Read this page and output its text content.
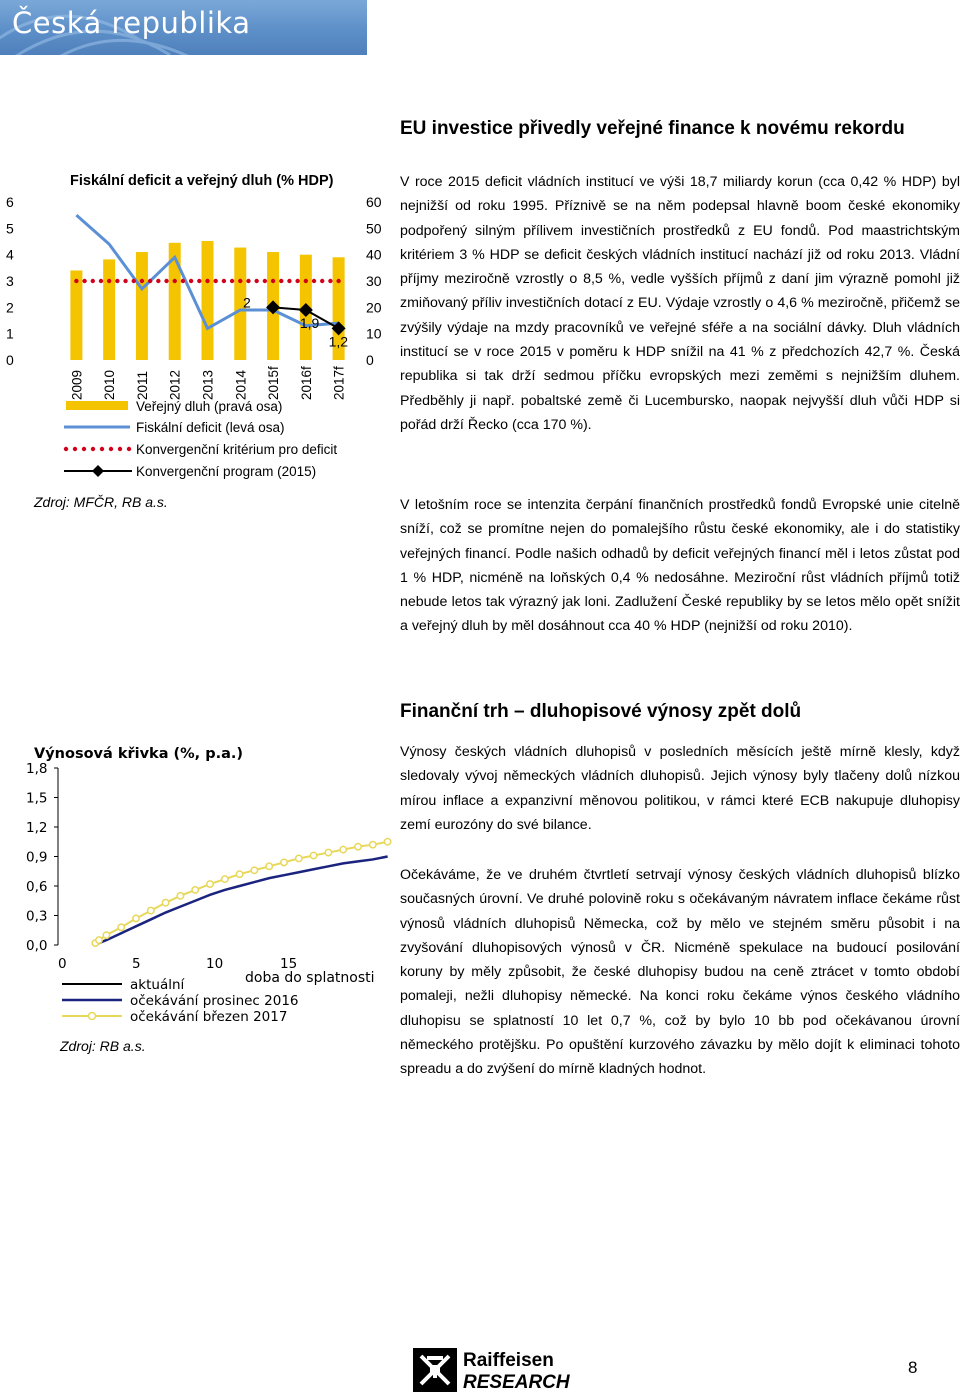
Česká republika
EU investice přivedly veřejné finance k novému rekordu
Finanční trh – dluhopisové výnosy zpět dolů
V roce 2015 deficit vládních institucí ve výši 18,7 miliardy korun (cca 0,42 % HDP) byl nejnižší od roku 1995. Příznivě se na něm podepsal hlavně boom české ekonomiky podpořený silným přílivem investičních prostředků z EU fondů. Pod maastrichtským kritériem 3 % HDP se deficit českých vládních institucí nachází již od roku 2013. Vládní příjmy meziročně vzrostly o 8,5 %, vedle vyšších příjmů z daní jim výrazně pomohl již zmiňovaný příliv investičních dotací z EU. Výdaje vzrostly o 4,6 % meziročně, přičemž se zvýšily výdaje na mzdy pracovníků ve veřejné sféře a na sociální dávky. Dluh vládních institucí se v roce 2015 v poměru k HDP snížil na 41 % z předchozích 42,7 %. Česká republika si tak drží sedmou příčku evropských mezi zeměmi s nejnižším dluhem. Předběhly ji např. pobaltské země či Lucembursko, naopak nejvyšší dluh vůči HDP si pořád drží Řecko (cca 170 %).
V letošním roce se intenzita čerpání finančních prostředků fondů Evropské unie citelně sníží, což se promítne nejen do pomalejšího růstu české ekonomiky, ale i do statistiky veřejných financí. Podle našich odhadů by deficit veřejných financí měl i letos zůstat pod 1 % HDP, nicméně na loňských 0,4 % nedosáhne. Meziroční růst vládních příjmů totiž nebude letos tak výrazný jak loni. Zadlužení České republiky by se letos mělo opět snížit a veřejný dluh by měl dosáhnout cca 40 % HDP (nejnižší od roku 2010).
Výnosy českých vládních dluhopisů v posledních měsících ještě mírně klesly, když sledovaly vývoj německých vládních dluhopisů. Jejich výnosy byly tlačeny dolů nízkou mírou inflace a expanzivní měnovou politikou, v rámci které ECB nakupuje dluhopisy zemí eurozóny do své bilance.
Očekáváme, že ve druhém čtvrtletí setrvají výnosy českých vládních dluhopisů blízko současných úrovní. Ve druhé polovině roku s očekávaným návratem inflace čekáme růst výnosů vládních dluhopisů Německa, což by mělo ve stejném směru působit i na zvyšování dluhopisových výnosů v ČR. Nicméně spekulace na budoucí posilování koruny by měly způsobit, že české dluhopisy budou na ceně ztrácet v tomto období pomaleji, nežli dluhopisy německé. Na konci roku čekáme výnos českého vládního dluhopisu se splatností 10 let 0,7 %, což by bylo 10 bb pod očekávanou úrovní německého protějšku. Po opuštění kurzového závazku by mělo dojít k eliminaci tohoto spreadu a do zvýšení do mírně kladných hodnot.
2
1,9
1,2
0
1
2
3
4
5
6
0
10
20
30
40
50
60
2009 2010 2011 2012 2013 2014 2015f 2016f 2017f
Veřejný dluh (pravá osa)
Fiskální deficit (levá osa)
Konvergenční kritérium pro deficit
Konvergenční program (2015)
Fiskální deficit a veřejný dluh (% HDP)
Zdroj: MFČR, RB a.s.
0,0
0,3
0,6
0,9
1,2
1,5
1,8
0	5	10	15
aktuální
očekávání prosinec 2016
očekávání březen 2017
Výnosová křivka (%, p.a.)
doba do splatnosti
Zdroj: RB a.s.
Raiffeisen
RESEARCH
8
